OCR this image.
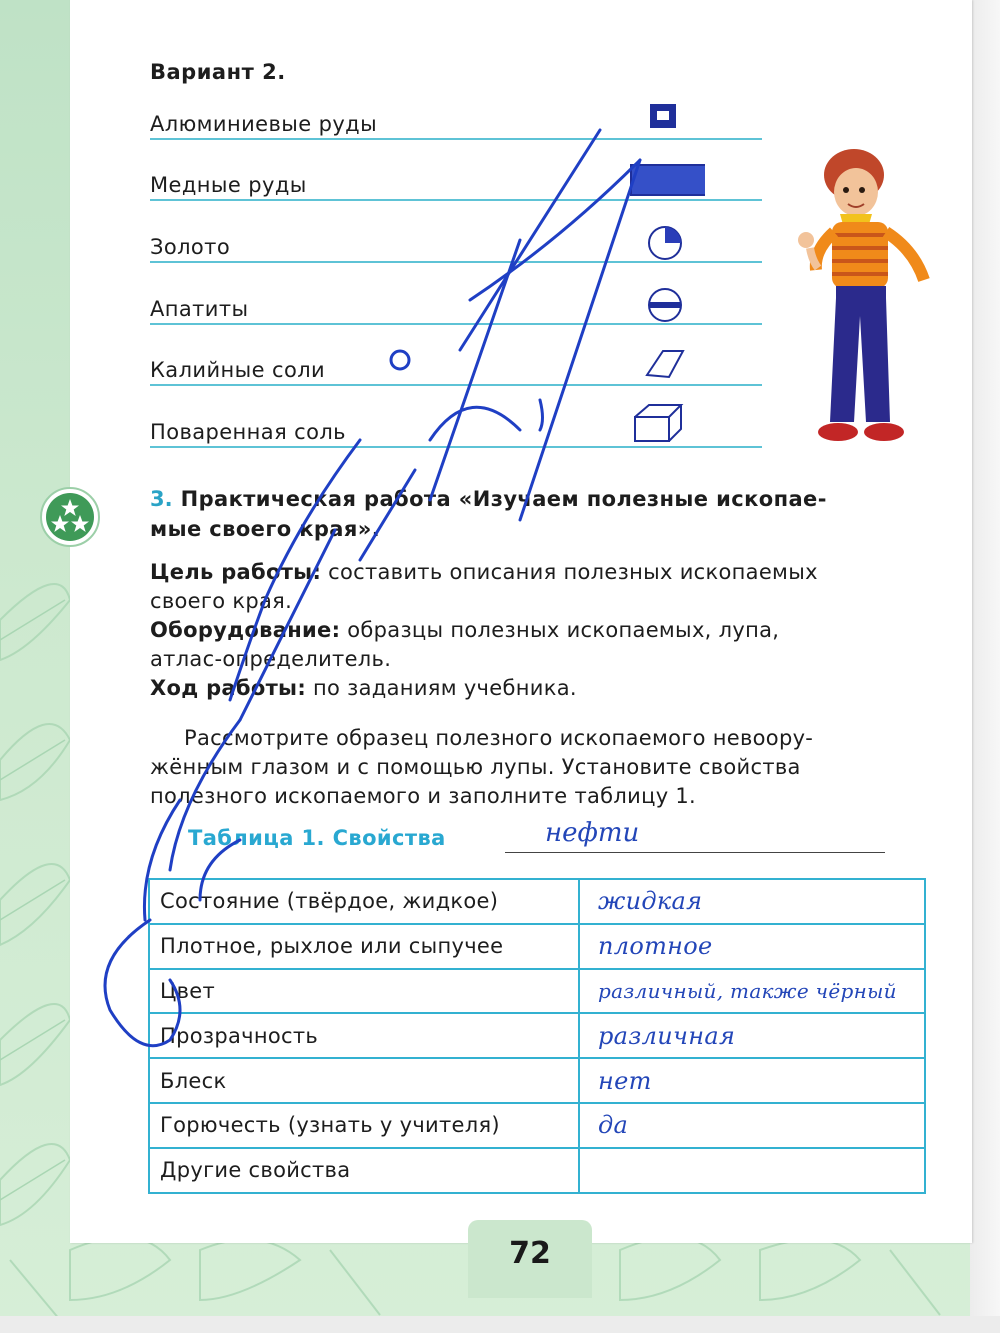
Вариант 2.
Алюминиевые руды
Медные руды
Золото
Апатиты
Калийные соли
Поваренная соль
3. Практическая работа «Изучаем полезные ископае-
мые своего края».
Цель работы: составить описания полезных ископаемых
своего края.
Оборудование: образцы полезных ископаемых, лупа,
атлас-определитель.
Ход работы: по заданиям учебника.
Рассмотрите образец полезного ископаемого невоору-
жённым глазом и с помощью лупы. Установите свойства
полезного ископаемого и заполните таблицу 1.
Таблица 1. Свойства	нефти
Состояние (твёрдое, жидкое)	жидкая
Плотное, рыхлое или сыпучее	плотное
Цвет	различный, также чёрный
Прозрачность	различная
Блеск	нет
Горючесть (узнать у учителя)	да
Другие свойства	
72
